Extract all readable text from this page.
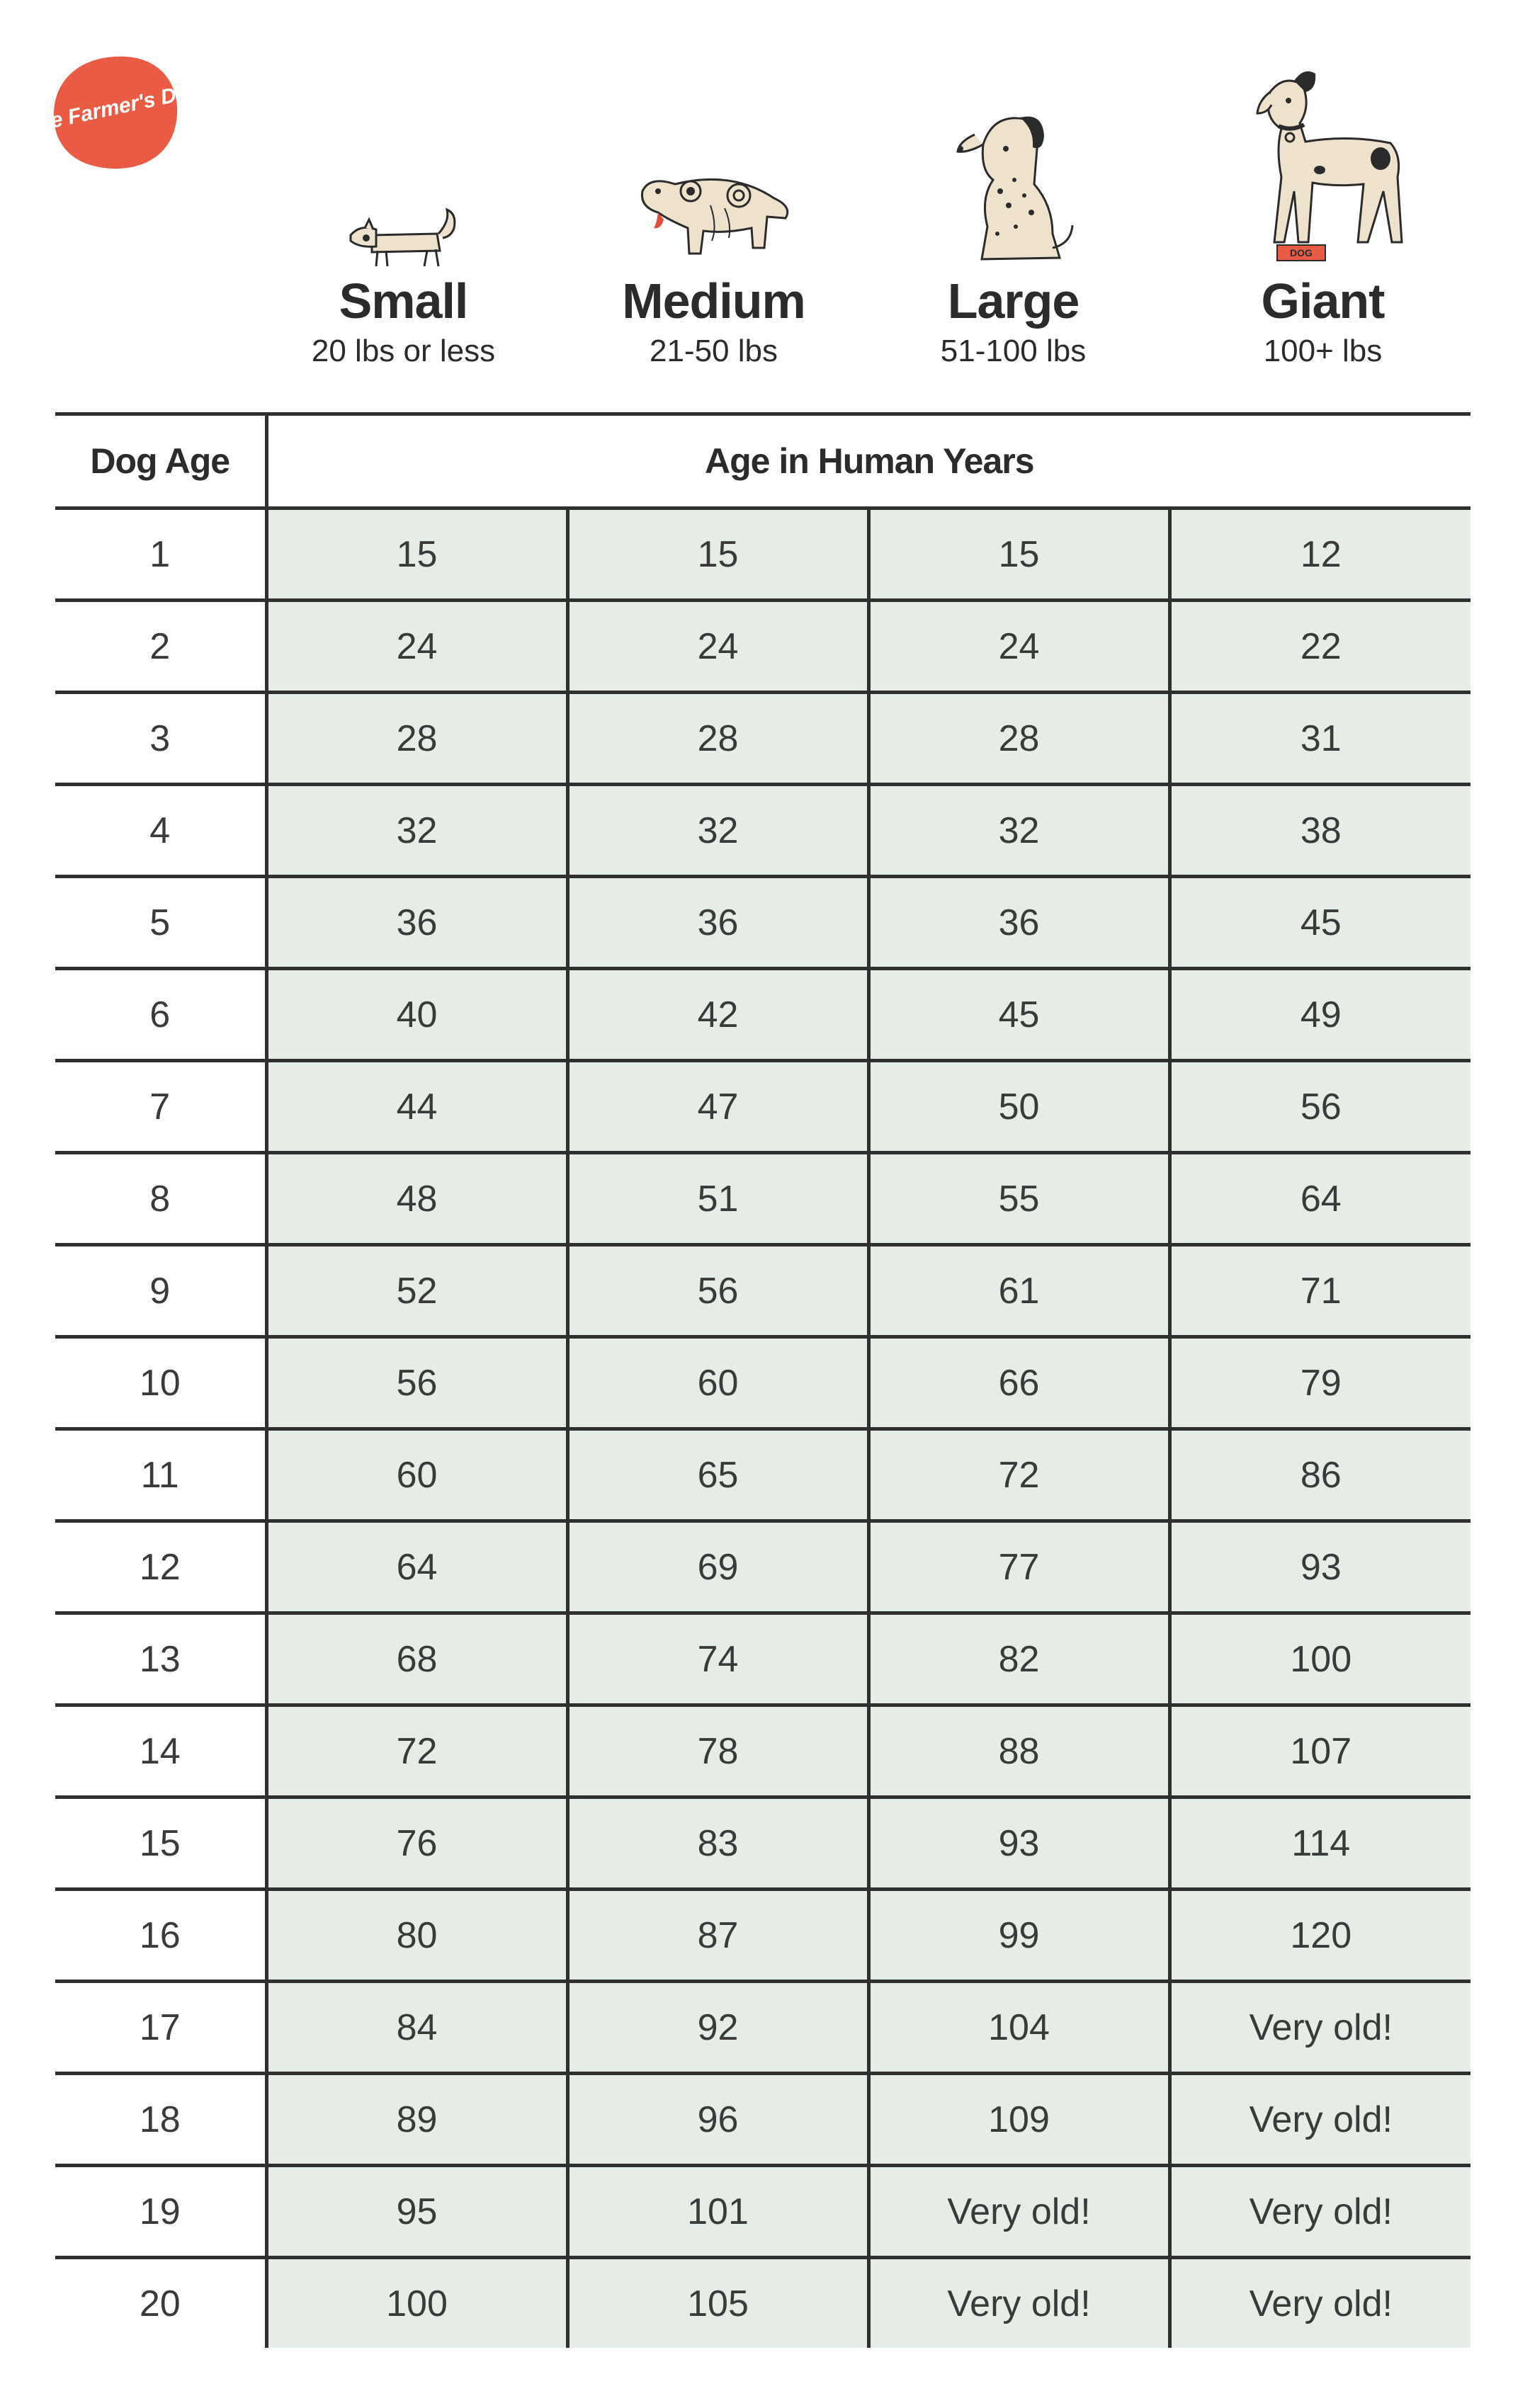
The Farmer's Dog
Small
20 lbs or less
Medium
21-50 lbs
Large
51-100 lbs
DOG
Giant
100+ lbs
Dog Age	Age in Human Years			
1	15	15	15	12
2	24	24	24	22
3	28	28	28	31
4	32	32	32	38
5	36	36	36	45
6	40	42	45	49
7	44	47	50	56
8	48	51	55	64
9	52	56	61	71
10	56	60	66	79
11	60	65	72	86
12	64	69	77	93
13	68	74	82	100
14	72	78	88	107
15	76	83	93	114
16	80	87	99	120
17	84	92	104	Very old!
18	89	96	109	Very old!
19	95	101	Very old!	Very old!
20	100	105	Very old!	Very old!
